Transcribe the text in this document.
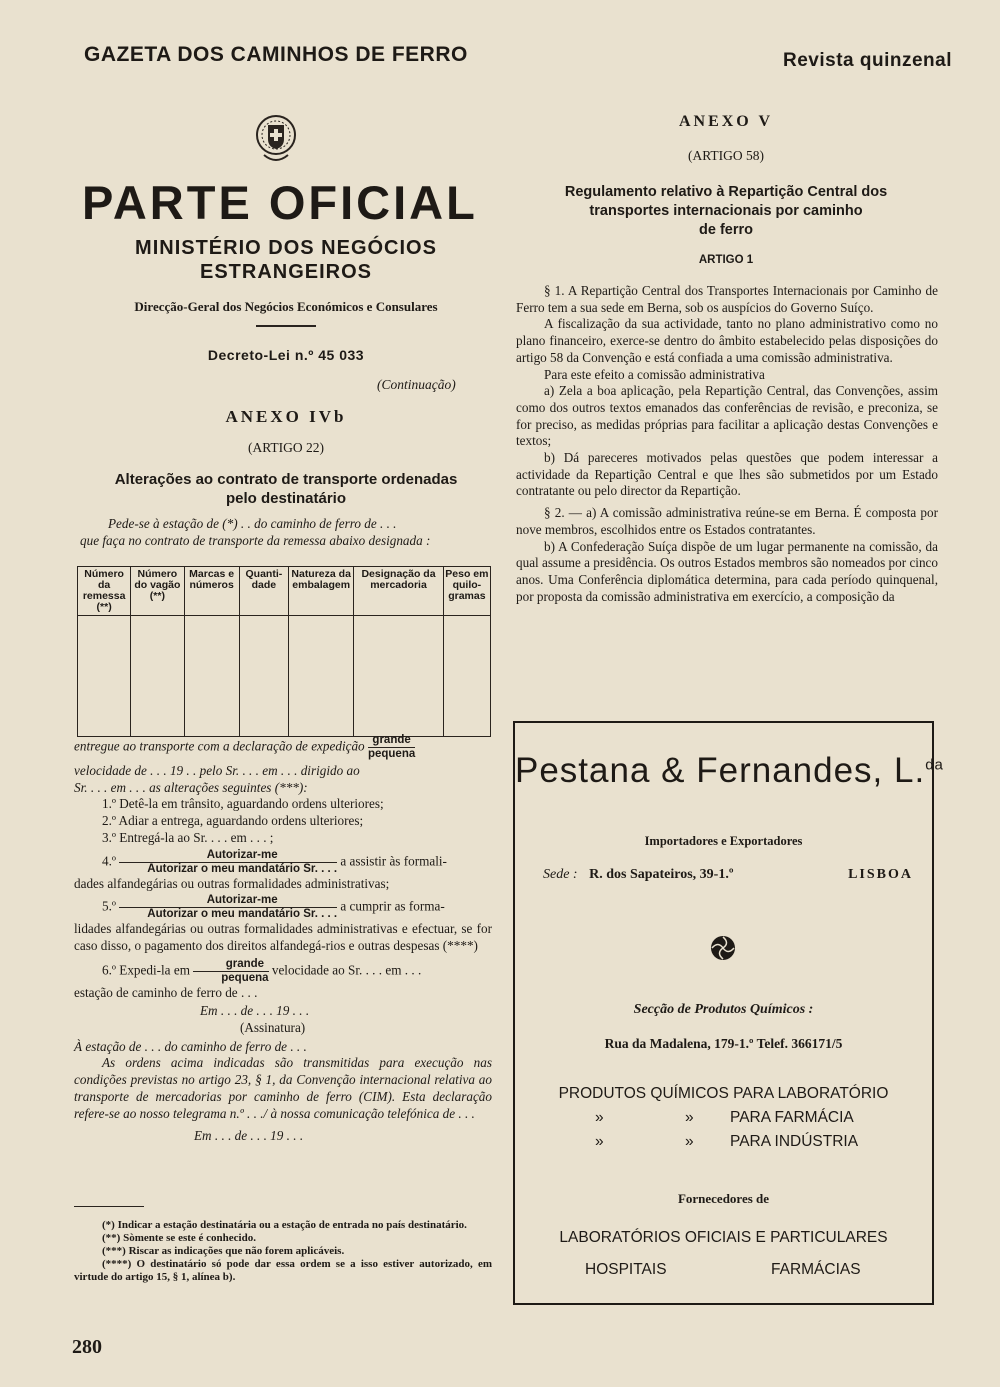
GAZETA DOS CAMINHOS DE FERRO	Revista quinzenal
PARTE OFICIAL
MINISTÉRIO DOS NEGÓCIOS
ESTRANGEIROS
Direcção-Geral dos Negócios Económicos e Consulares
Decreto-Lei n.º 45 033
(Continuação)
ANEXO IVb
(ARTIGO 22)
Alterações ao contrato de transporte ordenadas
pelo destinatário

Pede-se à estação de (*) . . do caminho de ferro de . . .

que faça no contrato de transporte da remessa abaixo designada :

Número da remessa (**)	Número do vagão (**)	Marcas e números	Quanti-dade	Natureza da embalagem	Designação da mercadoria	Peso em quilo-gramas

entregue ao transporte com a declaração de expedição $\frac{\text{grande}}{\text{pequena}}$

velocidade de . . . 19 . . pelo Sr. . . . em . . . dirigido ao

Sr. . . . em . . . as alterações seguintes (***):

1.º Detê-la em trânsito, aguardando ordens ulteriores;

2.º Adiar a entrega, aguardando ordens ulteriores;

3.º Entregá-la ao Sr. . . . em . . . ;

4.º $\frac{\text{Autorizar-me}}{\text{Autorizar o meu mandatário Sr. . . .}}$ a assistir às formali-

dades alfandegárias ou outras formalidades administrativas;

5.º $\frac{\text{Autorizar-me}}{\text{Autorizar o meu mandatário Sr. . . .}}$ a cumprir as forma-

lidades alfandegárias ou outras formalidades administrativas e efectuar, se for caso disso, o pagamento dos direitos alfandegá-rios e outras despesas (****)

6.º Expedi-la em $\frac{\text{grande}}{\text{pequena}}$ velocidade ao Sr. . . . em . . .

estação de caminho de ferro de . . .

Em . . . de . . . 19 . . .

(Assinatura)

À estação de . . . do caminho de ferro de . . .

As ordens acima indicadas são transmitidas para execução nas condições previstas no artigo 23, § 1, da Convenção internacional relativa ao transporte de mercadorias por caminho de ferro (CIM). Esta declaração refere-se ao nosso telegrama n.º . . ./ à nossa comunicação telefónica de . . .

Em . . . de . . . 19 . . .

(*) Indicar a estação destinatária ou a estação de entrada no país destinatário.

(**) Sòmente se este é conhecido.

(***) Riscar as indicações que não forem aplicáveis.

(****) O destinatário só pode dar essa ordem se a isso estiver autorizado, em virtude do artigo 15, § 1, alínea b).

280
ANEXO V
(ARTIGO 58)
Regulamento relativo à Repartição Central dos
transportes internacionais por caminho
de ferro
ARTIGO 1

§ 1. A Repartição Central dos Transportes Internacionais por Caminho de Ferro tem a sua sede em Berna, sob os auspícios do Governo Suíço.

A fiscalização da sua actividade, tanto no plano administrativo como no plano financeiro, exerce-se dentro do âmbito estabelecido pelas disposições do artigo 58 da Convenção e está confiada a uma comissão administrativa.

Para este efeito a comissão administrativa

a) Zela a boa aplicação, pela Repartição Central, das Convenções, assim como dos outros textos emanados das conferências de revisão, e preconiza, se for preciso, as medidas próprias para facilitar a aplicação destas Convenções e textos;

b) Dá pareceres motivados pelas questões que podem interessar a actividade da Repartição Central e que lhes são submetidos por um Estado contratante ou pelo director da Repartição.

§ 2. — a) A comissão administrativa reúne-se em Berna. É composta por nove membros, escolhidos entre os Estados contratantes.

b) A Confederação Suíça dispõe de um lugar permanente na comissão, da qual assume a presidência. Os outros Estados membros são nomeados por cinco anos. Uma Conferência diplomática determina, para cada período quinquenal, por proposta da comissão administrativa em exercício, a composição da

Pestana & Fernandes, L.$^{da}$
Importadores e Exportadores
Sede : R. dos Sapateiros, 39-1.º	LISBOA
Secção de Produtos Químicos :
Rua da Madalena, 179-1.º Telef. 366171/5
PRODUTOS QUÍMICOS PARA LABORATÓRIO
»	» PARA FARMÁCIA
»	» PARA INDÚSTRIA
Fornecedores de
LABORATÓRIOS OFICIAIS E PARTICULARES
HOSPITAIS	FARMÁCIAS
